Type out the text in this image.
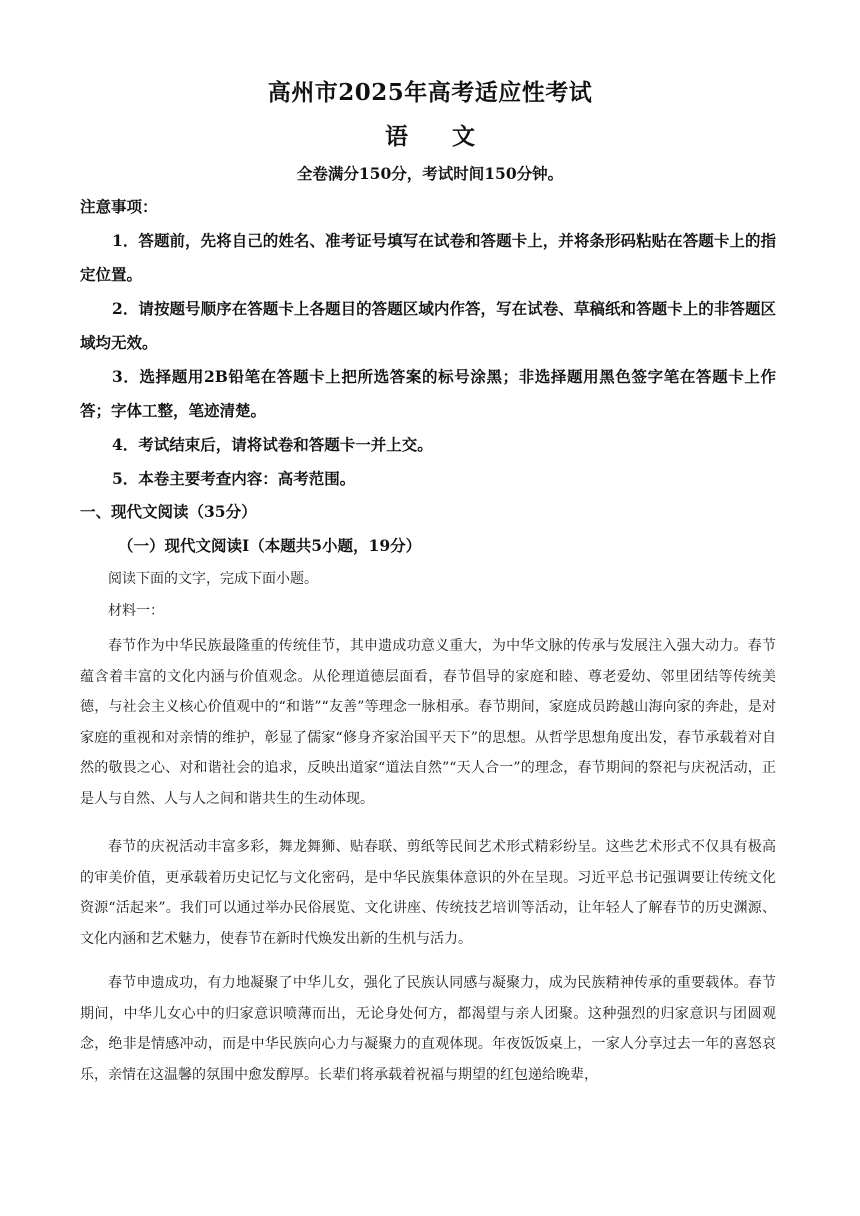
高州市2025年高考适应性考试
语 文
全卷满分150分，考试时间150分钟。
注意事项：
1．答题前，先将自己的姓名、准考证号填写在试卷和答题卡上，并将条形码粘贴在答题卡上的指定位置。
2．请按题号顺序在答题卡上各题目的答题区域内作答，写在试卷、草稿纸和答题卡上的非答题区域均无效。
3．选择题用2B铅笔在答题卡上把所选答案的标号涂黑；非选择题用黑色签字笔在答题卡上作答；字体工整，笔迹清楚。
4．考试结束后，请将试卷和答题卡一并上交。
5．本卷主要考查内容：高考范围。
一、现代文阅读（35分）
（一）现代文阅读Ⅰ（本题共5小题，19分）
阅读下面的文字，完成下面小题。
材料一：
春节作为中华民族最隆重的传统佳节，其申遗成功意义重大，为中华文脉的传承与发展注入强大动力。春节蕴含着丰富的文化内涵与价值观念。从伦理道德层面看，春节倡导的家庭和睦、尊老爱幼、邻里团结等传统美德，与社会主义核心价值观中的“和谐”“友善”等理念一脉相承。春节期间，家庭成员跨越山海向家的奔赴，是对家庭的重视和对亲情的维护，彰显了儒家“修身齐家治国平天下”的思想。从哲学思想角度出发，春节承载着对自然的敬畏之心、对和谐社会的追求，反映出道家“道法自然”“天人合一”的理念，春节期间的祭祀与庆祝活动，正是人与自然、人与人之间和谐共生的生动体现。
春节的庆祝活动丰富多彩，舞龙舞狮、贴春联、剪纸等民间艺术形式精彩纷呈。这些艺术形式不仅具有极高的审美价值，更承载着历史记忆与文化密码，是中华民族集体意识的外在呈现。习近平总书记强调要让传统文化资源“活起来”。我们可以通过举办民俗展览、文化讲座、传统技艺培训等活动，让年轻人了解春节的历史渊源、文化内涵和艺术魅力，使春节在新时代焕发出新的生机与活力。
春节申遗成功，有力地凝聚了中华儿女，强化了民族认同感与凝聚力，成为民族精神传承的重要载体。春节期间，中华儿女心中的归家意识喷薄而出，无论身处何方，都渴望与亲人团聚。这种强烈的归家意识与团圆观念，绝非是情感冲动，而是中华民族向心力与凝聚力的直观体现。年夜饭饭桌上，一家人分享过去一年的喜怒哀乐，亲情在这温馨的氛围中愈发醇厚。长辈们将承载着祝福与期望的红包递给晚辈，
